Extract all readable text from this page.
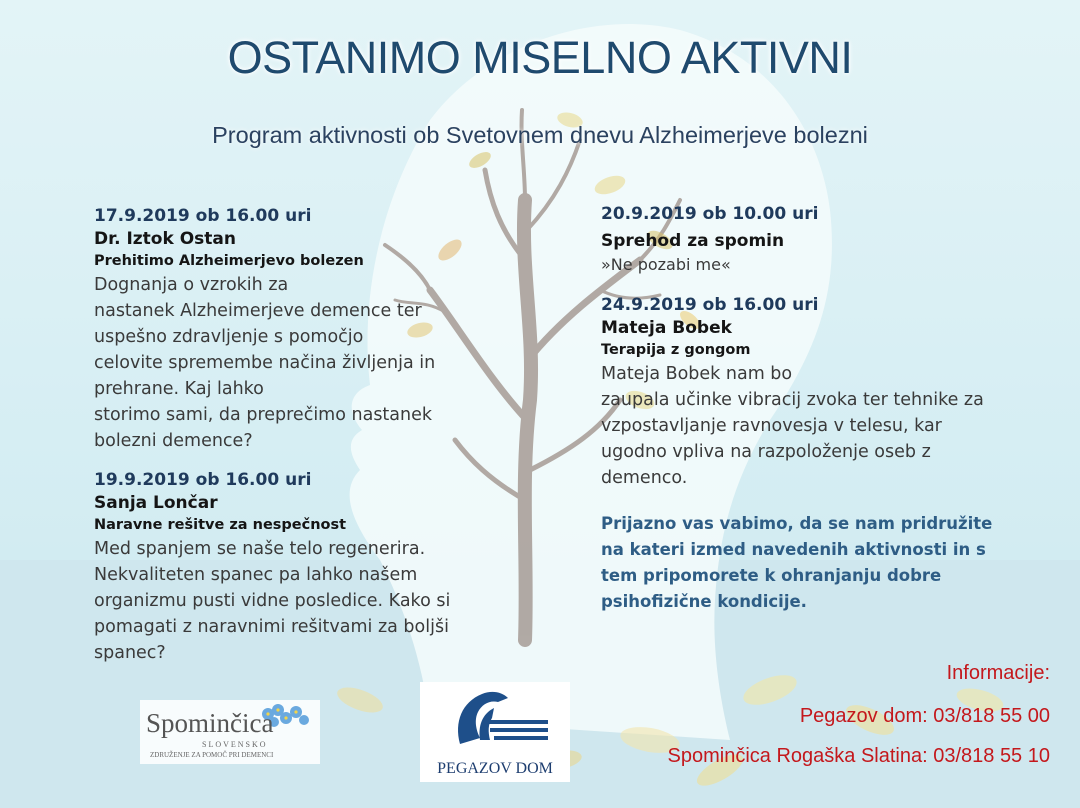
OSTANIMO MISELNO AKTIVNI
Program aktivnosti ob Svetovnem dnevu Alzheimerjeve bolezni
17.9.2019 ob 16.00 uri
Dr. Iztok Ostan
Prehitimo Alzheimerjevo bolezen
Dognanja o vzrokih za
nastanek Alzheimerjeve demence ter
uspešno zdravljenje s pomočjo
celovite spremembe načina življenja in
prehrane. Kaj lahko
storimo sami, da preprečimo nastanek
bolezni demence?
19.9.2019 ob 16.00 uri
Sanja Lončar
Naravne rešitve za nespečnost
Med spanjem se naše telo regenerira.
Nekvaliteten spanec pa lahko našem
organizmu pusti vidne posledice. Kako si
pomagati z naravnimi rešitvami za boljši
spanec?
20.9.2019 ob 10.00 uri
Sprehod za spomin
»Ne pozabi me«
24.9.2019 ob 16.00 uri
Mateja Bobek
Terapija z gongom
Mateja Bobek nam bo
zaupala učinke vibracij zvoka ter tehnike za
vzpostavljanje ravnovesja v telesu, kar
ugodno vpliva na razpoloženje oseb z
demenco.
Prijazno vas vabimo, da se nam pridružite
na kateri izmed navedenih aktivnosti in s
tem pripomorete k ohranjanju dobre
psihofizične kondicije.
Informacije:
Pegazov dom: 03/818 55 00
Spominčica Rogaška Slatina: 03/818 55 10
Spominčica
SLOVENSKO
ZDRUŽENJE ZA POMOČ PRI DEMENCI
PEGAZOV DOM
